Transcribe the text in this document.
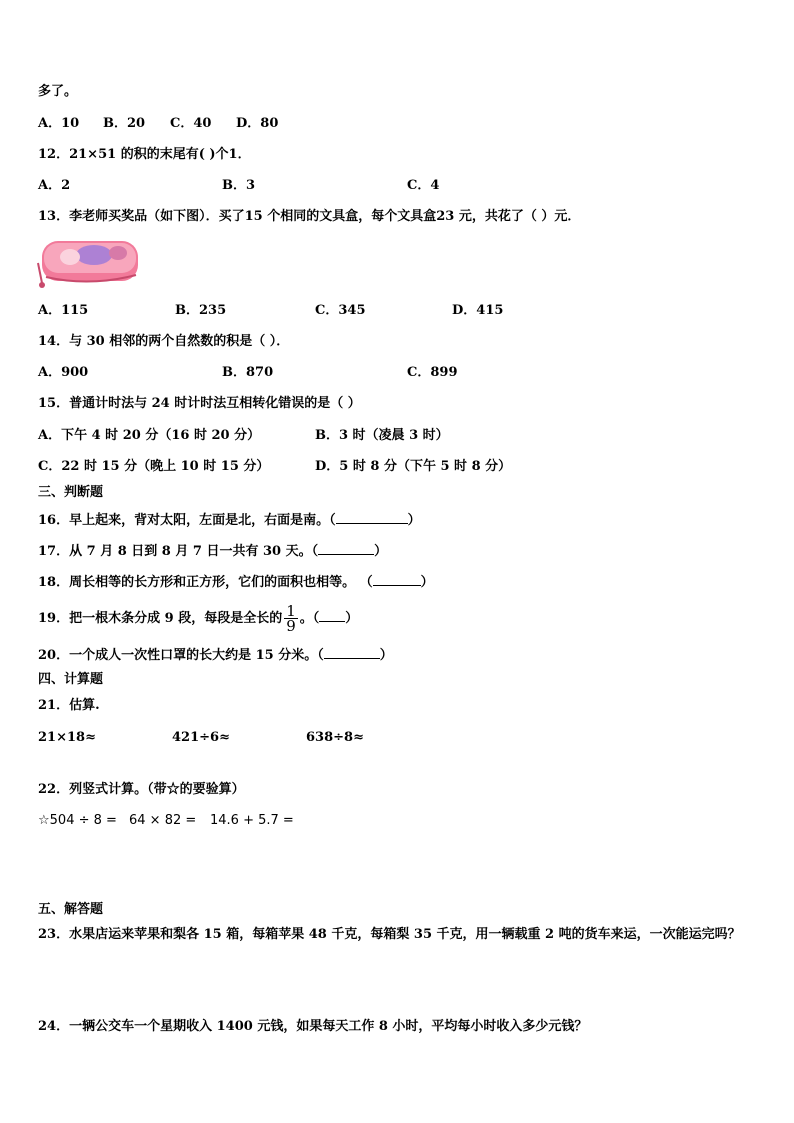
多了。
A．10 B．20 C．40 D．80
12．21×51 的积的末尾有( )个1．
A．2	B．3	C．4
13．李老师买奖品（如下图）．买了15 个相同的文具盒，每个文具盒23 元，共花了（ ）元．
A．115	B．235	C．345	D．415
14．与 30 相邻的两个自然数的积是（ ）．
A．900	B．870	C．899
15．普通计时法与 24 时计时法互相转化错误的是（ ）
A．下午 4 时 20 分（16 时 20 分）	B．3 时（凌晨 3 时）
C．22 时 15 分（晚上 10 时 15 分）	D．5 时 8 分（下午 5 时 8 分）
三、判断题
16．早上起来，背对太阳，左面是北，右面是南。（	）
17．从 7 月 8 日到 8 月 7 日一共有 30 天。（	）
18．周长相等的长方形和正方形，它们的面积也相等。 （	）
19．把一根木条分成 9 段，每段是全长的 $\frac{1}{9}$ 。（ ）
20．一个成人一次性口罩的长大约是 15 分米。（	）
四、计算题
21．估算.
21×18≈	421÷6≈	638÷8≈
22．列竖式计算。（带☆的要验算）
☆504 ÷ 8 = 64 × 82 = 14.6 + 5.7 =
五、解答题
23．水果店运来苹果和梨各 15 箱，每箱苹果 48 千克，每箱梨 35 千克，用一辆载重 2 吨的货车来运，一次能运完吗？
24．一辆公交车一个星期收入 1400 元钱，如果每天工作 8 小时，平均每小时收入多少元钱？
